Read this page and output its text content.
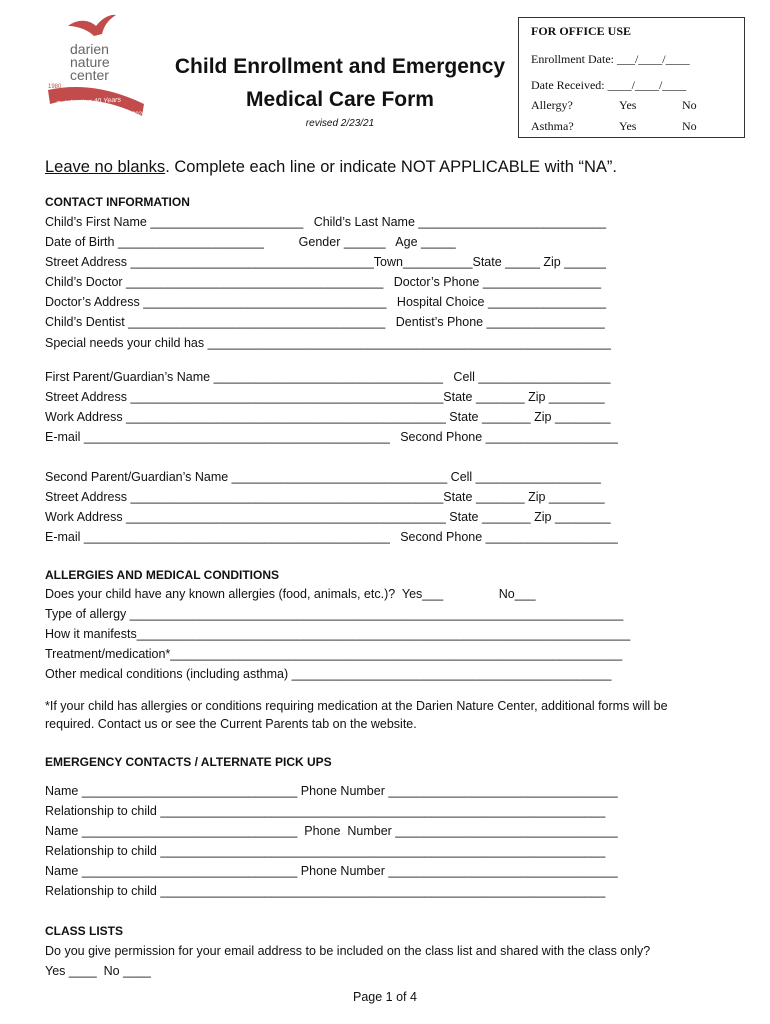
darien
nature
center
Celebrating 40 Years
1980
2020
Child Enrollment and Emergency
Medical Care Form
revised 2/23/21
FOR OFFICE USE
Enrollment Date: ___/____/____
Date Received: ____/____/____
Allergy?	Yes	No
Asthma?	Yes	No
Leave no blanks. Complete each line or indicate NOT APPLICABLE with “NA”.
CONTACT INFORMATION
Child’s First Name ______________________   Child’s Last Name ___________________________
Date of Birth _____________________          Gender ______   Age _____
Street Address ___________________________________Town__________State _____ Zip ______
Child’s Doctor _____________________________________   Doctor’s Phone _________________
Doctor’s Address ___________________________________   Hospital Choice _________________
Child’s Dentist _____________________________________   Dentist’s Phone _________________
Special needs your child has __________________________________________________________
First Parent/Guardian’s Name _________________________________   Cell ___________________
Street Address _____________________________________________State _______ Zip ________
Work Address ______________________________________________ State _______ Zip ________
E-mail ____________________________________________   Second Phone ___________________
Second Parent/Guardian’s Name _______________________________ Cell __________________
Street Address _____________________________________________State _______ Zip ________
Work Address ______________________________________________ State _______ Zip ________
E-mail ____________________________________________   Second Phone ___________________
ALLERGIES AND MEDICAL CONDITIONS
Does your child have any known allergies (food, animals, etc.)?  Yes___                No___
Type of allergy _______________________________________________________________________
How it manifests_______________________________________________________________________
Treatment/medication*_________________________________________________________________
Other medical conditions (including asthma) ______________________________________________
*If your child has allergies or conditions requiring medication at the Darien Nature Center, additional forms will be
required. Contact us or see the Current Parents tab on the website.
EMERGENCY CONTACTS / ALTERNATE PICK UPS
Name _______________________________ Phone Number _________________________________
Relationship to child ________________________________________________________________
Name _______________________________  Phone  Number ________________________________
Relationship to child ________________________________________________________________
Name _______________________________ Phone Number _________________________________
Relationship to child ________________________________________________________________
CLASS LISTS
Do you give permission for your email address to be included on the class list and shared with the class only?
Yes ____  No ____
Page 1 of 4
